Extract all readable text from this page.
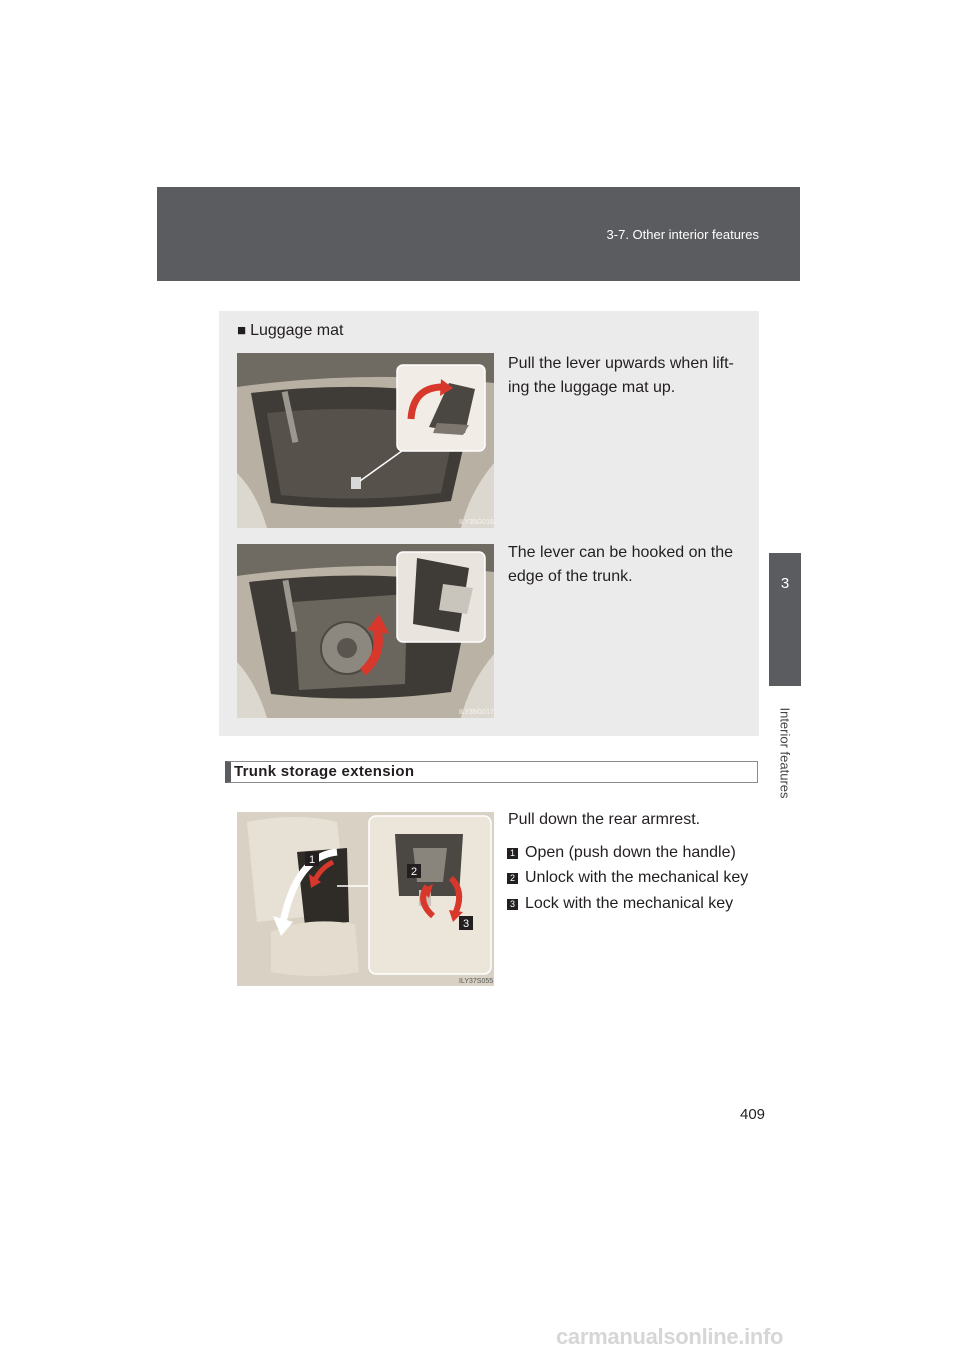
3-7. Other interior features
3
Interior features
■ Luggage mat
ILY35G016
Pull the lever upwards when lift- ing the luggage mat up.
ILY35G017
The lever can be hooked on the edge of the trunk.
Trunk storage extension
1
2
3
ILY37S055
Pull down the rear armrest.
1 Open (push down the handle)
2 Unlock with the mechanical key
3 Lock with the mechanical key
409
carmanualsonline.info
